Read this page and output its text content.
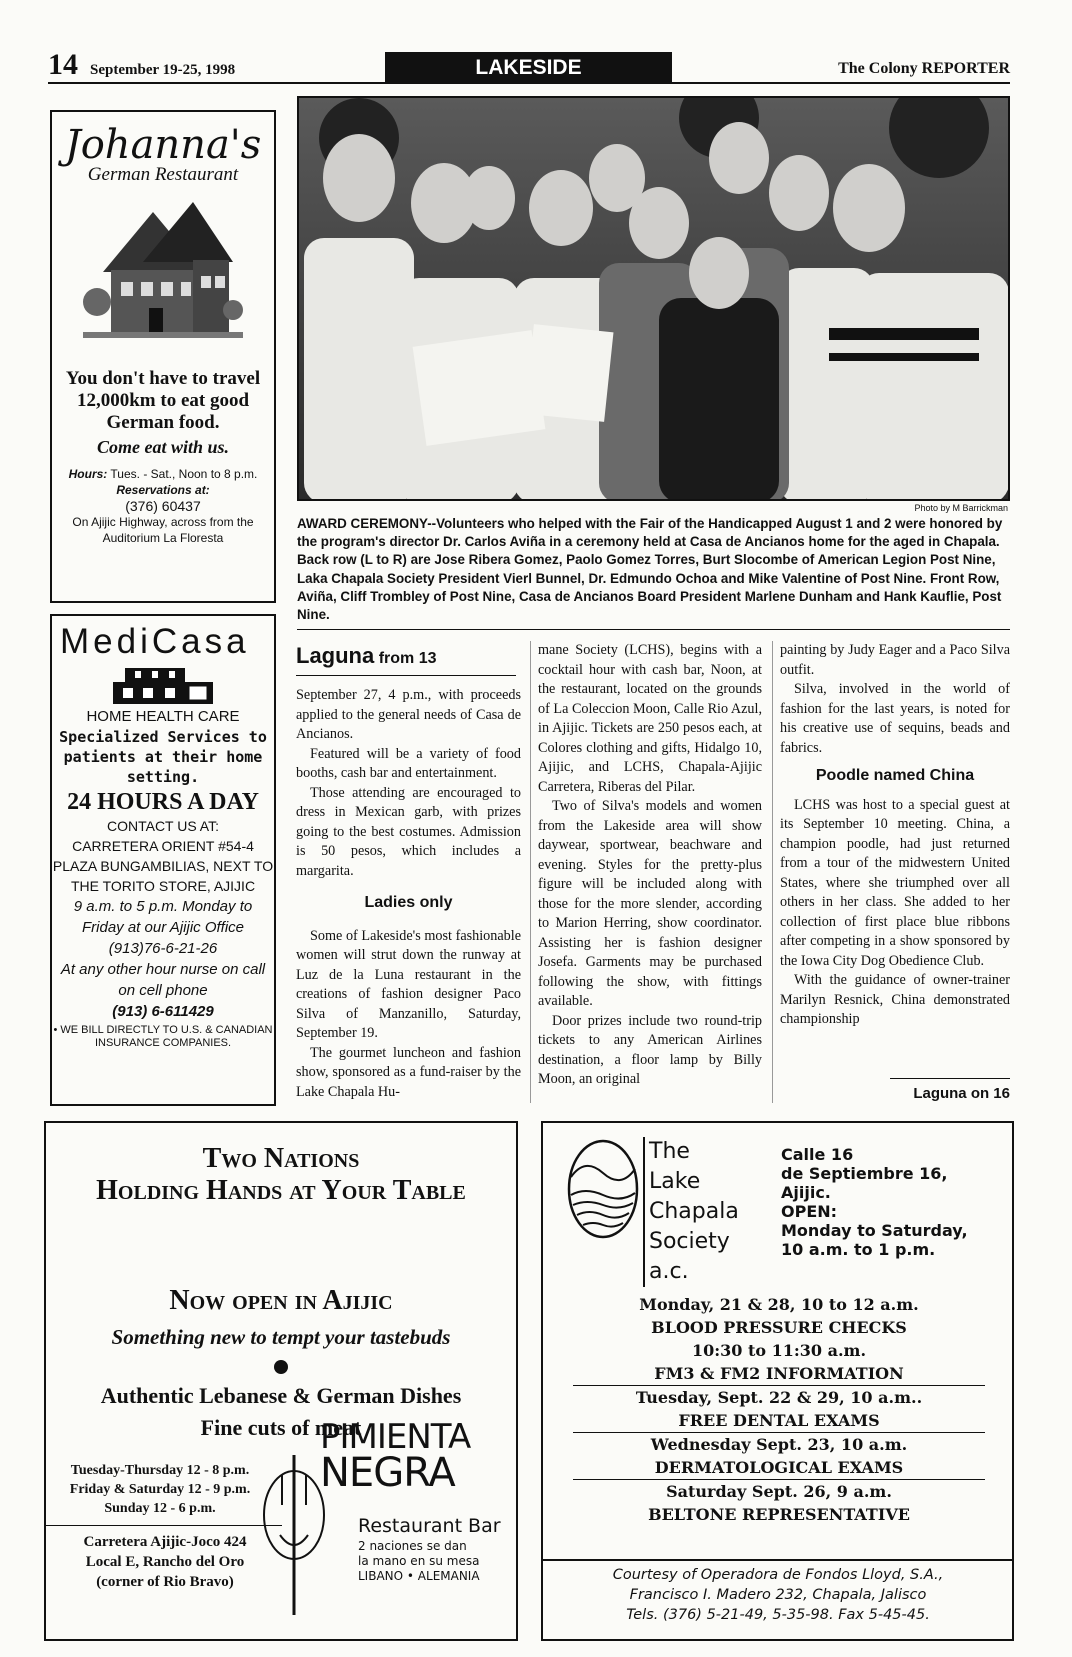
14 September 19-25, 1998	LAKESIDE	The Colony REPORTER
Johanna's
German Restaurant
You don't have to travel 12,000km to eat good German food.
Come eat with us.
Hours: Tues. - Sat., Noon to 8 p.m.
Reservations at:
(376) 60437
On Ajijic Highway, across from the Auditorium La Floresta
MediCasa
HOME HEALTH CARE
Specialized Services to patients at their home setting.
24 HOURS A DAY
CONTACT US AT:
CARRETERA ORIENT #54-4 PLAZA BUNGAMBILIAS, NEXT TO THE TORITO STORE, AJIJIC
9 a.m. to 5 p.m. Monday to Friday at our Ajijic Office (913)76-6-21-26
At any other hour nurse on call on cell phone
(913) 6-611429
• WE BILL DIRECTLY TO U.S. & CANADIAN INSURANCE COMPANIES.
Photo by M Barrickman
AWARD CEREMONY--Volunteers who helped with the Fair of the Handicapped August 1 and 2 were honored by the program's director Dr. Carlos Aviña in a ceremony held at Casa de Ancianos home for the aged in Chapala. Back row (L to R) are Jose Ribera Gomez, Paolo Gomez Torres, Burt Slocombe of American Legion Post Nine, Laka Chapala Society President Vierl Bunnel, Dr. Edmundo Ochoa and Mike Valentine of Post Nine. Front Row, Aviña, Cliff Trombley of Post Nine, Casa de Ancianos Board President Marlene Dunham and Hank Kauflie, Post Nine.
Laguna from 13

September 27, 4 p.m., with proceeds applied to the general needs of Casa de Ancianos.

Featured will be a variety of food booths, cash bar and entertainment.

Those attending are encouraged to dress in Mexican garb, with prizes going to the best costumes. Admission is 50 pesos, which includes a margarita.

Ladies only

Some of Lakeside's most fashionable women will strut down the runway at Luz de la Luna restaurant in the creations of fashion designer Paco Silva of Manzanillo, Saturday, September 19.

The gourmet luncheon and fashion show, sponsored as a fund-raiser by the Lake Chapala Hu-

mane Society (LCHS), begins with a cocktail hour with cash bar, Noon, at the restaurant, located on the grounds of La Coleccion Moon, Calle Rio Azul, in Ajijic. Tickets are 250 pesos each, at Colores clothing and gifts, Hidalgo 10, Ajijic, and LCHS, Chapala-Ajijic Carretera, Riberas del Pilar.

Two of Silva's models and women from the Lakeside area will show daywear, sportwear, beachware and evening. Styles for the pretty-plus figure will be included along with those for the more slender, according to Marion Herring, show coordinator. Assisting her is fashion designer Josefa. Garments may be purchased following the show, with fittings available.

Door prizes include two round-trip tickets to any American Airlines destination, a floor lamp by Billy Moon, an original

painting by Judy Eager and a Paco Silva outfit.

Silva, involved in the world of fashion for the last years, is noted for his creative use of sequins, beads and fabrics.

Poodle named China

LCHS was host to a special guest at its September 10 meeting. China, a champion poodle, had just returned from a tour of the midwestern United States, where she triumphed over all others in her class. She added to her collection of first place blue ribbons after competing in a show sponsored by the Iowa City Dog Obedience Club.

With the guidance of owner-trainer Marilyn Resnick, China demonstrated championship

Laguna on 16
Two Nations
Holding Hands at Your Table
Now open in Ajijic
Something new to tempt your tastebuds
Authentic Lebanese & German Dishes
Fine cuts of meat
Tuesday-Thursday 12 - 8 p.m.
Friday & Saturday 12 - 9 p.m.
Sunday 12 - 6 p.m.
Carretera Ajijic-Joco 424
Local E, Rancho del Oro
(corner of Rio Bravo)
PIMIENTA
NEGRA
Restaurant Bar
2 naciones se dan
la mano en su mesa
LIBANO • ALEMANIA
The
Lake
Chapala
Society
a.c.
Calle 16
de Septiembre 16,
Ajijic.
OPEN:
Monday to Saturday,
10 a.m. to 1 p.m.
Monday, 21 & 28, 10 to 12 a.m.
BLOOD PRESSURE CHECKS
10:30 to 11:30 a.m.
FM3 & FM2 INFORMATION
Tuesday, Sept. 22 & 29, 10 a.m..
FREE DENTAL EXAMS
Wednesday Sept. 23, 10 a.m.
DERMATOLOGICAL EXAMS
Saturday Sept. 26, 9 a.m.
BELTONE REPRESENTATIVE
Courtesy of Operadora de Fondos Lloyd, S.A.,
Francisco I. Madero 232, Chapala, Jalisco
Tels. (376) 5-21-49, 5-35-98. Fax 5-45-45.
